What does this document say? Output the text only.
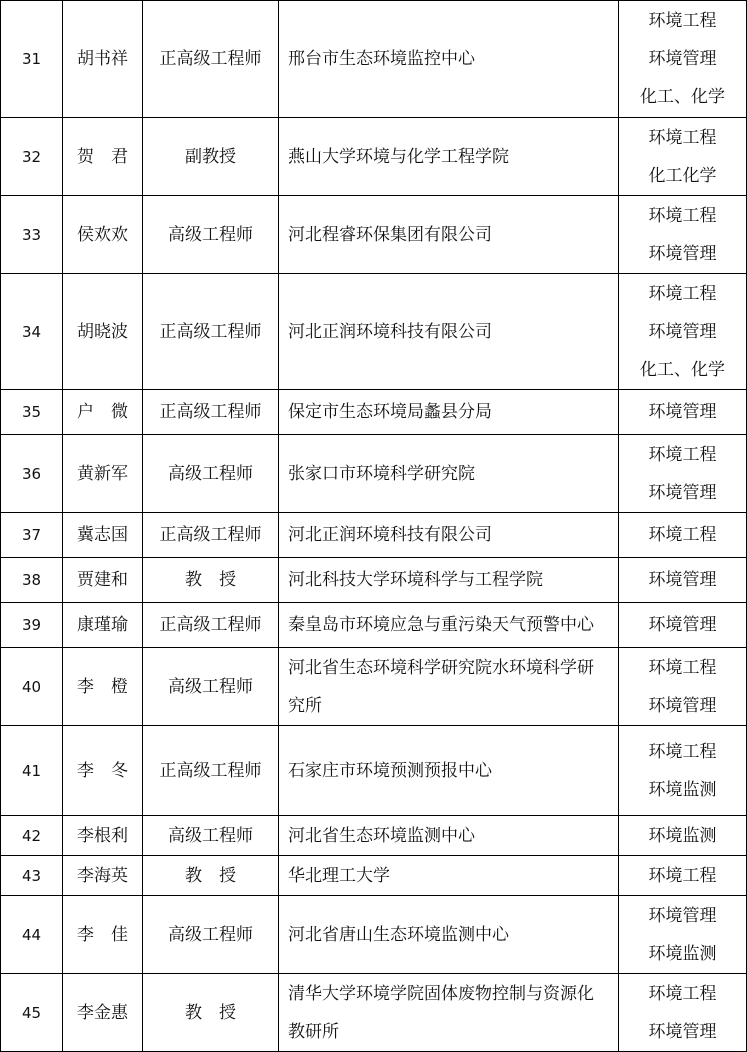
31	胡书祥	正高级工程师	邢台市生态环境监控中心	环境工程
环境管理
化工、化学

32	贺　君	副教授	燕山大学环境与化学工程学院	环境工程
化工化学

33	侯欢欢	高级工程师	河北程睿环保集团有限公司	环境工程
环境管理

34	胡晓波	正高级工程师	河北正润环境科技有限公司	环境工程
环境管理
化工、化学

35	户　微	正高级工程师	保定市生态环境局蠡县分局	环境管理

36	黄新军	高级工程师	张家口市环境科学研究院	环境工程
环境管理

37	冀志国	正高级工程师	河北正润环境科技有限公司	环境工程

38	贾建和	教　授	河北科技大学环境科学与工程学院	环境管理

39	康瑾瑜	正高级工程师	秦皇岛市环境应急与重污染天气预警中心	环境管理

40	李　橙	高级工程师	河北省生态环境科学研究院水环境科学研
究所	环境工程
环境管理

41	李　冬	正高级工程师	石家庄市环境预测预报中心	环境工程
环境监测

42	李根利	高级工程师	河北省生态环境监测中心	环境监测

43	李海英	教　授	华北理工大学	环境工程

44	李　佳	高级工程师	河北省唐山生态环境监测中心	环境管理
环境监测

45	李金惠	教　授	清华大学环境学院固体废物控制与资源化
教研所	环境工程
环境管理
